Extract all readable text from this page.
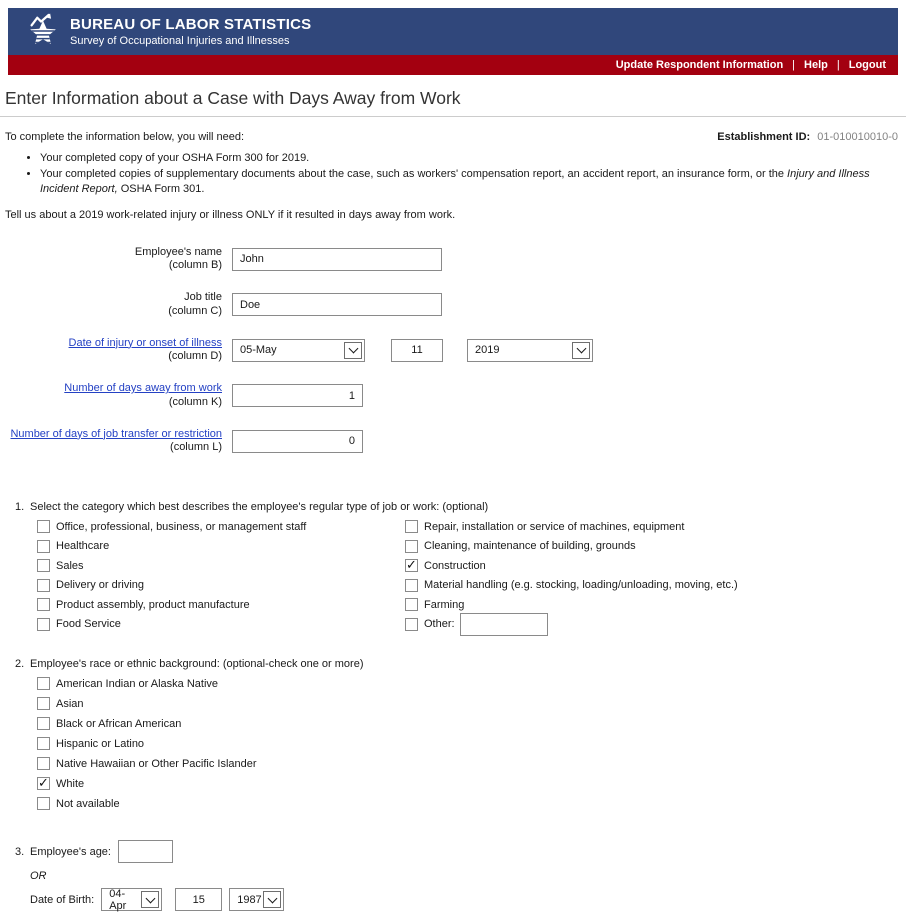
BUREAU OF LABOR STATISTICS
Survey of Occupational Injuries and Illnesses
Update Respondent Information | Help | Logout
Enter Information about a Case with Days Away from Work
To complete the information below, you will need:	Establishment ID: 01-010010010-0
• Your completed copy of your OSHA Form 300 for 2019.
• Your completed copies of supplementary documents about the case, such as workers' compensation report, an accident report, an insurance form, or the Injury and Illness Incident Report, OSHA Form 301.
Tell us about a 2019 work-related injury or illness ONLY if it resulted in days away from work.
Employee's name
(column B)
John
Job title
(column C)
Doe
Date of injury or onset of illness
(column D) 05-May
11	2019
Number of days away from work
(column K)
1
Number of days of job transfer or restriction
(column L)
0
1. Select the category which best describes the employee's regular type of job or work: (optional)
Office, professional, business, or management staff
Healthcare
Sales
Delivery or driving
Product assembly, product manufacture
Food Service
Repair, installation or service of machines, equipment
Cleaning, maintenance of building, grounds
✓
Construction
Material handling (e.g. stocking, loading/unloading, moving, etc.)
Farming
Other:
2. Employee's race or ethnic background: (optional-check one or more)
American Indian or Alaska Native
Asian
Black or African American
Hispanic or Latino
Native Hawaiian or Other Pacific Islander
✓
White
Not available
3. Employee's age:
OR
Date of Birth: 04-Apr
15	1987
